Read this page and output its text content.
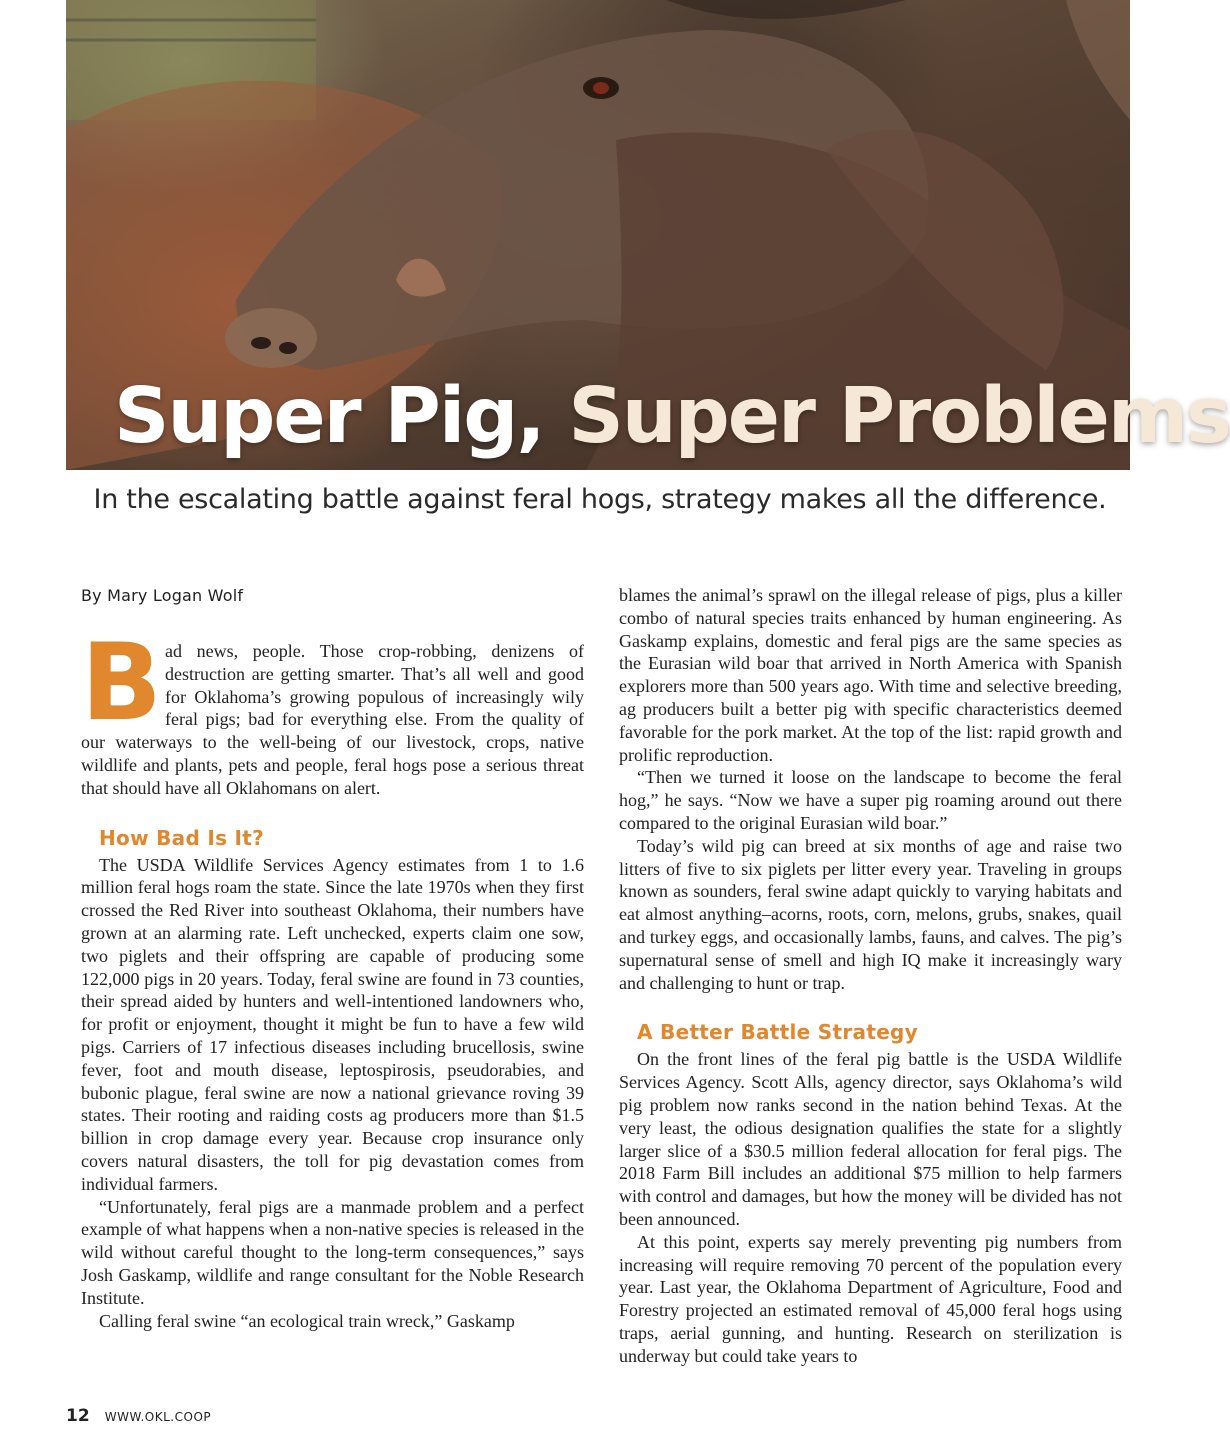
Super Pig, Super Problems

In the escalating battle against feral hogs, strategy makes all the difference.

By Mary Logan Wolf

B ad news, people. Those crop-robbing, denizens of destruction are getting smarter. That’s all well and good for Oklahoma’s growing populous of increasingly wily feral pigs; bad for everything else. From the quality of our waterways to the well-being of our livestock, crops, native wildlife and plants, pets and people, feral hogs pose a serious threat that should have all Oklahomans on alert.

How Bad Is It?

The USDA Wildlife Services Agency estimates from 1 to 1.6 million feral hogs roam the state. Since the late 1970s when they first crossed the Red River into southeast Oklahoma, their numbers have grown at an alarming rate. Left unchecked, experts claim one sow, two piglets and their offspring are capable of producing some 122,000 pigs in 20 years. Today, feral swine are found in 73 counties, their spread aided by hunters and well-intentioned landowners who, for profit or enjoyment, thought it might be fun to have a few wild pigs. Carriers of 17 infectious diseases including brucellosis, swine fever, foot and mouth disease, leptospirosis, pseudorabies, and bubonic plague, feral swine are now a national grievance roving 39 states. Their rooting and raiding costs ag producers more than $1.5 billion in crop damage every year. Because crop insurance only covers natural disasters, the toll for pig devastation comes from individual farmers.

“Unfortunately, feral pigs are a manmade problem and a perfect example of what happens when a non-native species is released in the wild without careful thought to the long-term consequences,” says Josh Gaskamp, wildlife and range consultant for the Noble Research Institute.

Calling feral swine “an ecological train wreck,” Gaskamp

blames the animal’s sprawl on the illegal release of pigs, plus a killer combo of natural species traits enhanced by human engineering. As Gaskamp explains, domestic and feral pigs are the same species as the Eurasian wild boar that arrived in North America with Spanish explorers more than 500 years ago. With time and selective breeding, ag producers built a better pig with specific characteristics deemed favorable for the pork market. At the top of the list: rapid growth and prolific reproduction.

“Then we turned it loose on the landscape to become the feral hog,” he says. “Now we have a super pig roaming around out there compared to the original Eurasian wild boar.”

Today’s wild pig can breed at six months of age and raise two litters of five to six piglets per litter every year. Traveling in groups known as sounders, feral swine adapt quickly to varying habitats and eat almost anything–acorns, roots, corn, melons, grubs, snakes, quail and turkey eggs, and occasionally lambs, fauns, and calves. The pig’s supernatural sense of smell and high IQ make it increasingly wary and challenging to hunt or trap.

A Better Battle Strategy

On the front lines of the feral pig battle is the USDA Wildlife Services Agency. Scott Alls, agency director, says Oklahoma’s wild pig problem now ranks second in the nation behind Texas. At the very least, the odious designation qualifies the state for a slightly larger slice of a $30.5 million federal allocation for feral pigs. The 2018 Farm Bill includes an additional $75 million to help farmers with control and damages, but how the money will be divided has not been announced.

At this point, experts say merely preventing pig numbers from increasing will require removing 70 percent of the population every year. Last year, the Oklahoma Department of Agriculture, Food and Forestry projected an estimated removal of 45,000 feral hogs using traps, aerial gunning, and hunting. Research on sterilization is underway but could take years to

12 WWW.OKL.COOP
